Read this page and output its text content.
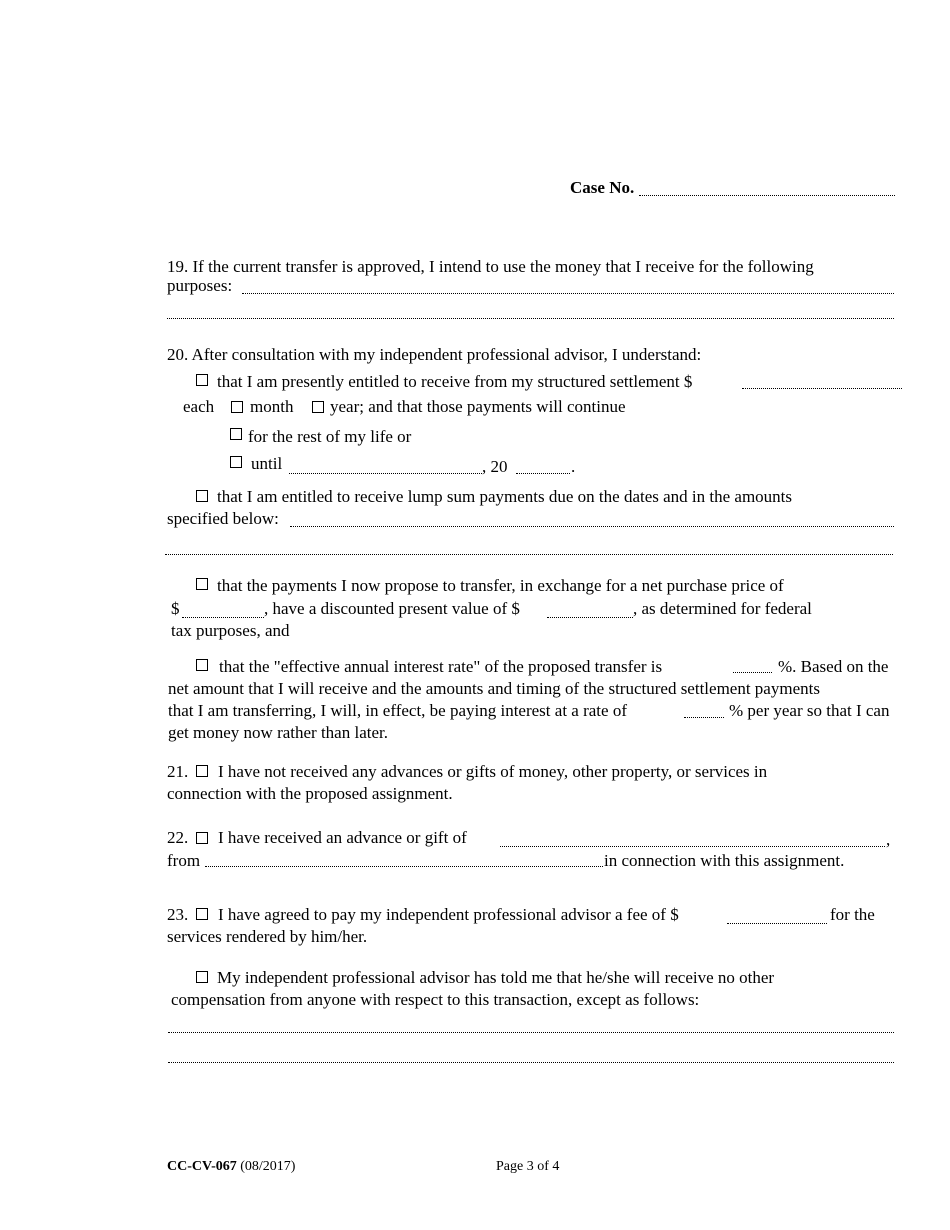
Case No.
19. If the current transfer is approved, I intend to use the money that I receive for the following
purposes:
20. After consultation with my independent professional advisor, I understand:
that I am presently entitled to receive from my structured settlement $
each month year; and that those payments will continue
for the rest of my life or
until	, 20	.
that I am entitled to receive lump sum payments due on the dates and in the amounts
specified below:
that the payments I now propose to transfer, in exchange for a net purchase price of
$	, have a discounted present value of $	, as determined for federal
tax purposes, and
that the "effective annual interest rate" of the proposed transfer is	%. Based on the
net amount that I will receive and the amounts and timing of the structured settlement payments
that I am transferring, I will, in effect, be paying interest at a rate of	% per year so that I can
get money now rather than later.
21. I have not received any advances or gifts of money, other property, or services in
connection with the proposed assignment.
22. I have received an advance or gift of	,
from	in connection with this assignment.
23. I have agreed to pay my independent professional advisor a fee of $	for the
services rendered by him/her.
My independent professional advisor has told me that he/she will receive no other
compensation from anyone with respect to this transaction, except as follows:
CC-CV-067 (08/2017)	Page 3 of 4
